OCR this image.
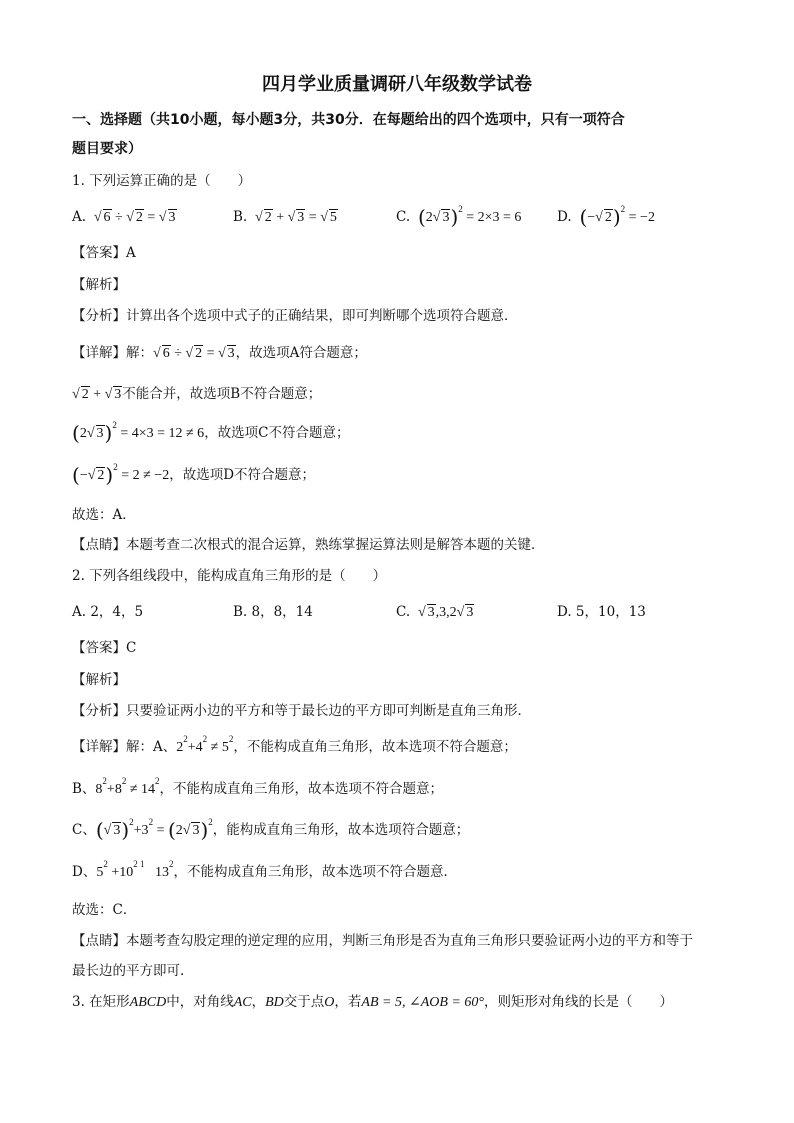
四月学业质量调研八年级数学试卷
一、选择题（共10小题，每小题3分，共30分．在每题给出的四个选项中，只有一项符合
题目要求）
1. 下列运算正确的是（　　）
A.  √ 6 ÷ √ 2 = √ 3	B.  √ 2 + √ 3 = √ 5	C. (2√ 3)$^2$ = 2×3 = 6	D. (−√ 2)$^2$ = −2
【答案】A
【解析】
【分析】计算出各个选项中式子的正确结果，即可判断哪个选项符合题意．
【详解】解：√ 6 ÷ √ 2 = √ 3，故选项A符合题意；
√ 2 + √ 3不能合并，故选项B不符合题意；
(2√ 3)$^2$ = 4×3 = 12 ≠ 6，故选项C不符合题意；
(−√ 2)$^2$ = 2 ≠ −2，故选项D不符合题意；
故选：A．
【点睛】本题考查二次根式的混合运算，熟练掌握运算法则是解答本题的关键．
2. 下列各组线段中，能构成直角三角形的是（　　）
A. 2，4，5	B. 8，8，14	C.  √ 3,3,2√ 3	D. 5，10，13
【答案】C
【解析】
【分析】只要验证两小边的平方和等于最长边的平方即可判断是直角三角形．
【详解】解：A、$2^2+4^2 \ne 5^2$，不能构成直角三角形，故本选项不符合题意；
B、$8^2+8^2 \ne 14^2$，不能构成直角三角形，故本选项不符合题意；
C、(√ $3)^2+3^2 = (2√$ 3)$^2$，能构成直角三角形，故本选项符合题意；
D、$5^2 +10^{2 1}$   $13^2$，不能构成直角三角形，故本选项不符合题意．
故选：C．
【点睛】本题考查勾股定理的逆定理的应用，判断三角形是否为直角三角形只要验证两小边的平方和等于
最长边的平方即可．
3. 在矩形ABCD中，对角线AC，BD交于点O，若AB = 5, ∠AOB = 60°，则矩形对角线的长是（　　）
